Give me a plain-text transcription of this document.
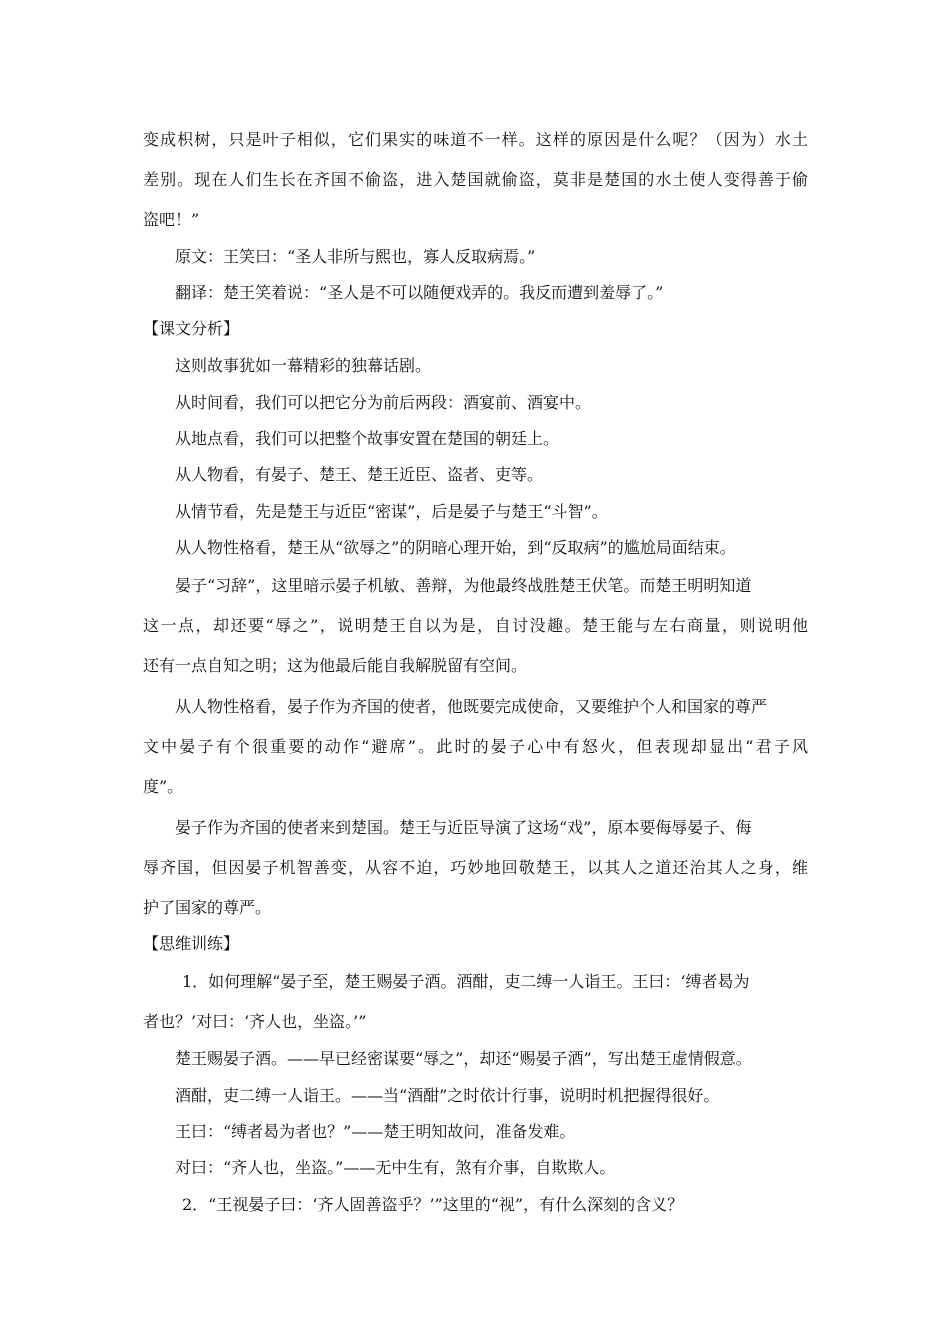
变成枳树，只是叶子相似，它们果实的味道不一样。这样的原因是什么呢？（因为）水土
差别。现在人们生长在齐国不偷盗，进入楚国就偷盗，莫非是楚国的水土使人变得善于偷
盗吧！”
原文：王笑曰：“圣人非所与熙也，寡人反取病焉。”
翻译：楚王笑着说：“圣人是不可以随便戏弄的。我反而遭到羞辱了。”
【课文分析】
这则故事犹如一幕精彩的独幕话剧。
从时间看，我们可以把它分为前后两段：酒宴前、酒宴中。
从地点看，我们可以把整个故事安置在楚国的朝廷上。
从人物看，有晏子、楚王、楚王近臣、盗者、吏等。
从情节看，先是楚王与近臣“密谋”，后是晏子与楚王“斗智”。
从人物性格看，楚王从“欲辱之”的阴暗心理开始，到“反取病”的尴尬局面结束。
晏子“习辞”，这里暗示晏子机敏、善辩，为他最终战胜楚王伏笔。而楚王明明知道
这一点，却还要“辱之”，说明楚王自以为是，自讨没趣。楚王能与左右商量，则说明他
还有一点自知之明；这为他最后能自我解脱留有空间。
从人物性格看，晏子作为齐国的使者，他既要完成使命，又要维护个人和国家的尊严
文中晏子有个很重要的动作“避席”。此时的晏子心中有怒火，但表现却显出“君子风
度”。
晏子作为齐国的使者来到楚国。楚王与近臣导演了这场“戏”，原本要侮辱晏子、侮
辱齐国，但因晏子机智善变，从容不迫，巧妙地回敬楚王，以其人之道还治其人之身，维
护了国家的尊严。
【思维训练】
1．如何理解“晏子至，楚王赐晏子酒。酒酣，吏二缚一人诣王。王曰：‘缚者曷为
者也？’对曰：‘齐人也，坐盗。’”
楚王赐晏子酒。——早已经密谋要“辱之”，却还“赐晏子酒”，写出楚王虚情假意。
酒酣，吏二缚一人诣王。——当“酒酣”之时依计行事，说明时机把握得很好。
王曰：“缚者曷为者也？”——楚王明知故问，准备发难。
对曰：“齐人也，坐盗。”——无中生有，煞有介事，自欺欺人。
2．“王视晏子曰：‘齐人固善盗乎？’”这里的“视”，有什么深刻的含义？
